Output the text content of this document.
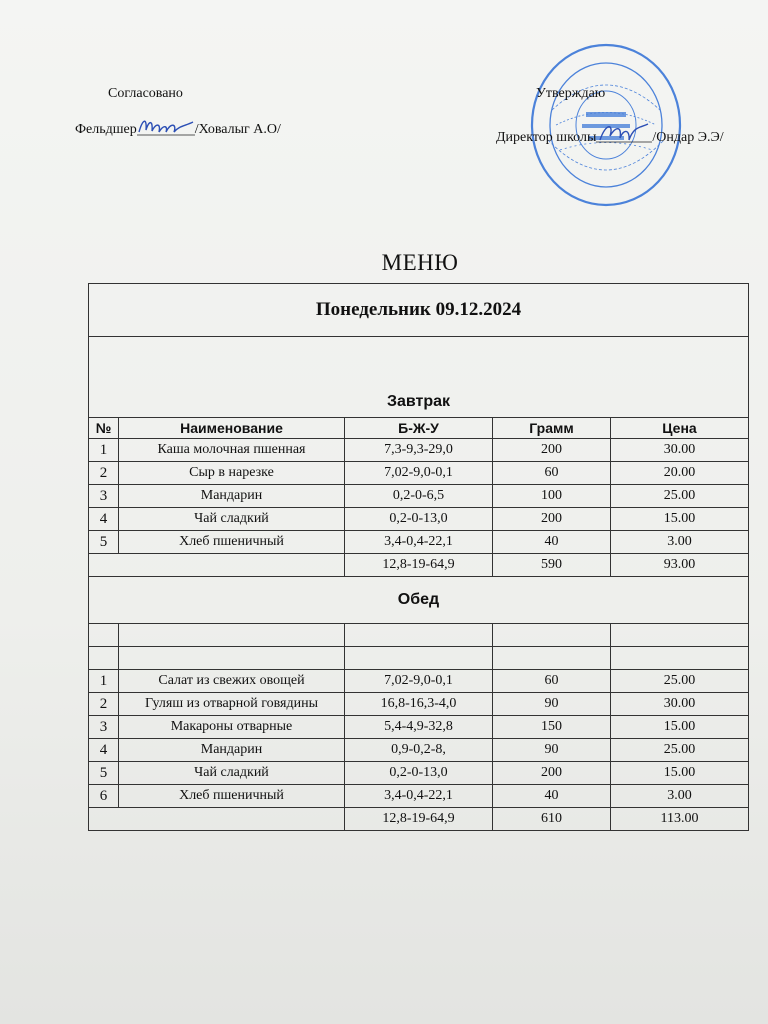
Согласовано
Фельдшер	/Ховалыг А.О/
Утверждаю
Директор школы	/Ондар Э.Э/
МЕНЮ
Понедельник 09.12.2024				
Завтрак				
№	Наименование	Б-Ж-У	Грамм	Цена
1	Каша молочная пшенная	7,3-9,3-29,0	200	30.00
2	Сыр в нарезке	7,02-9,0-0,1	60	20.00
3	Мандарин	0,2-0-6,5	100	25.00
4	Чай сладкий	0,2-0-13,0	200	15.00
5	Хлеб пшеничный	3,4-0,4-22,1	40	3.00
		12,8-19-64,9	590	93.00
Обед				

1	Салат из свежих овощей	7,02-9,0-0,1	60	25.00
2	Гуляш из отварной говядины	16,8-16,3-4,0	90	30.00
3	Макароны отварные	5,4-4,9-32,8	150	15.00
4	Мандарин	0,9-0,2-8,	90	25.00
5	Чай сладкий	0,2-0-13,0	200	15.00
6	Хлеб пшеничный	3,4-0,4-22,1	40	3.00
		12,8-19-64,9	610	113.00
